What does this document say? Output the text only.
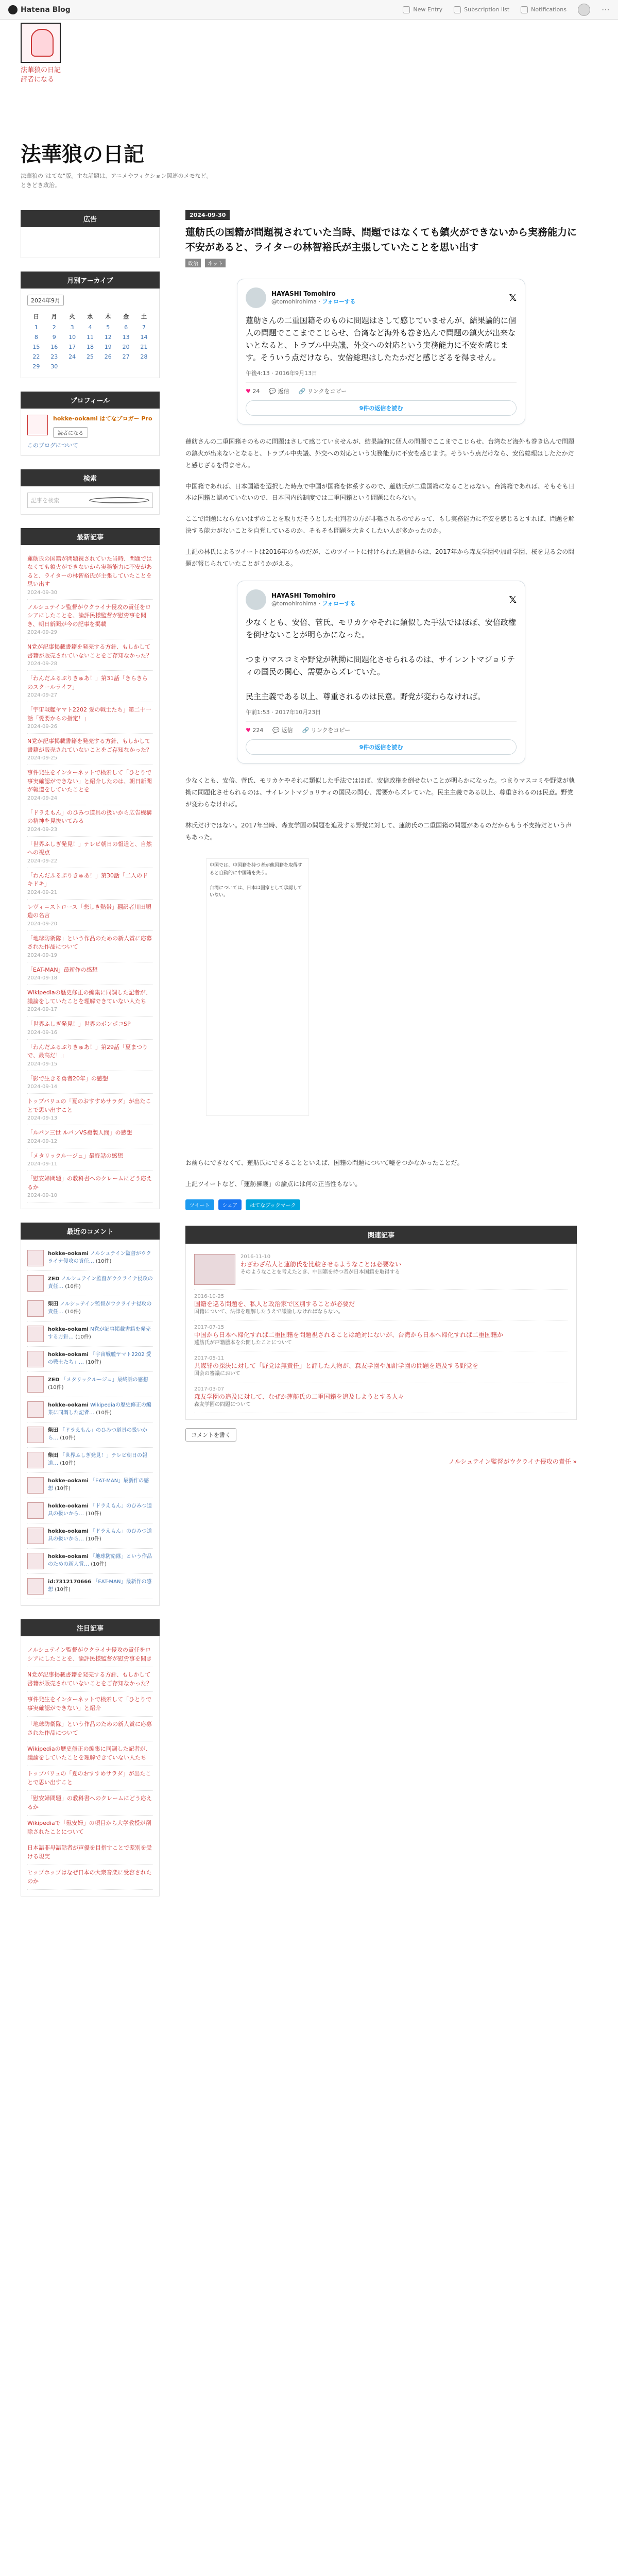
Hatena Blog	New Entry	Subscription list	Notifications	⋯
法華狼の日記
評者になる
法華狼の日記
法華狼の"はてな"版。主な話題は、アニメやフィクション関連のメモなど。ときどき政治。
広告
月別アーカイブ
2024年9月
日	月	火	水	木	金	土
1	2	3	4	5	6	7
8	9	10	11	12	13	14
15	16	17	18	19	20	21
22	23	24	25	26	27	28
29	30					
プロフィール
hokke-ookami はてなブロガー Pro
読者になる
このブログについて
検索
記事を検索
最新記事
蓮舫氏の国籍が問題視されていた当時、問題ではなくても鎮火ができないから実務能力に不安があると、ライターの林智裕氏が主張していたことを思い出す
2024-09-30
ノルシュテイン監督がウクライナ侵攻の責任をロシアにしたことを、論評民様監督が慰労事を聞き、朝日新聞が今の記事を掲載
2024-09-29
N党が記事掲載書籍を発売する方針、もしかして書籍が販売されていないことをご存知なかった？
2024-09-28
「わんだふるぷりきゅあ！」第31話「きらきらのスクールライフ」
2024-09-27
「宇宙戦艦ヤマト2202 愛の戦士たち」第二十一話「愛要からの指定！」
2024-09-26
N党が記事掲載書籍を発売する方針、もしかして書籍が販売されていないことをご存知なかった？
2024-09-25
事件発生をインターネットで検索して「ひとりで事実確認ができない」と紹介したのは、朝日新聞が報道をしていたことを
2024-09-24
「ドラえもん」のひみつ道具の扱いから広告機構の精神を見抜いてみる
2024-09-23
「世界ふしぎ発見！」テレビ朝日の報道と、自然への視点
2024-09-22
「わんだふるぷりきゅあ！」第30話「二人のドキドキ」
2024-09-21
レヴィ＝ストロース「悲しき熱帯」翻訳者川田順造の名言
2024-09-20
「地球防衛隊」という作品のための新人賞に応募された作品について
2024-09-19
「EAT-MAN」最新作の感想
2024-09-18
Wikipediaの歴史修正の編集に同調した記者が、議論をしていたことを理解できていない人たち
2024-09-17
「世界ふしぎ発見！」世界のポンポコSP
2024-09-16
「わんだふるぷりきゅあ！」第29話「夏まつりで、最高だ！」
2024-09-15
「影で生きる勇者20年」の感想
2024-09-14
トップバリュの「夏のおすすめサラダ」が出たことで思い出すこと
2024-09-13
「ルパン三世 ルパンVS複製人間」の感想
2024-09-12
「メタリックルージュ」最終話の感想
2024-09-11
「慰安婦問題」の教科書へのクレームにどう応えるか
2024-09-10
最近のコメント
hokke-ookami ノルシュテイン監督がウクライナ侵攻の責任… (10件)
ZED ノルシュテイン監督がウクライナ侵攻の責任… (10件)
柴田 ノルシュテイン監督がウクライナ侵攻の責任… (10件)
hokke-ookami N党が記事掲載書籍を発売する方針… (10件)
hokke-ookami 「宇宙戦艦ヤマト2202 愛の戦士たち」… (10件)
ZED 「メタリックルージュ」最終話の感想 (10件)
hokke-ookami Wikipediaの歴史修正の編集に同調した記者… (10件)
柴田 「ドラえもん」のひみつ道具の扱いから… (10件)
柴田 「世界ふしぎ発見！」テレビ朝日の報道… (10件)
hokke-ookami 「EAT-MAN」最新作の感想 (10件)
hokke-ookami 「ドラえもん」のひみつ道具の扱いから… (10件)
hokke-ookami 「ドラえもん」のひみつ道具の扱いから… (10件)
hokke-ookami 「地球防衛隊」という作品のための新人賞… (10件)
id:7312170666 「EAT-MAN」最新作の感想 (10件)
注目記事
ノルシュテイン監督がウクライナ侵攻の責任をロシアにしたことを、論評民様監督が慰労事を聞き
N党が記事掲載書籍を発売する方針、もしかして書籍が販売されていないことをご存知なかった？
事件発生をインターネットで検索して「ひとりで事実確認ができない」と紹介
「地球防衛隊」という作品のための新人賞に応募された作品について
Wikipediaの歴史修正の編集に同調した記者が、議論をしていたことを理解できていない人たち
トップバリュの「夏のおすすめサラダ」が出たことで思い出すこと
「慰安婦問題」の教科書へのクレームにどう応えるか
Wikipediaで「慰安婦」の項目から大学教授が削除されたことについて
日本語非母語話者が声優を目指すことで差別を受ける現実
ヒップホップはなぜ日本の大衆音楽に受容されたのか
2024-09-30
蓮舫氏の国籍が問題視されていた当時、問題ではなくても鎮火ができないから実務能力に不安があると、ライターの林智裕氏が主張していたことを思い出す
政治 ネット
HAYASHI Tomohiro
@tomohirohima · フォローする	𝕏
蓮舫さんの二重国籍そのものに問題はさして感じていませんが、結果論的に個人の問題でここまでこじらせ、台湾など海外も巻き込んで問題の鎮火が出来ないとなると、トラブル中央議、外交への対応という実務能力に不安を感じます。そういう点だけなら、安倍総理はしたたかだと感じざるを得ません。
午後4:13 · 2016年9月13日
♥ 24 💬 返信 🔗 リンクをコピー
9件の返信を読む

蓮舫さんの二重国籍そのものに問題はさして感じていませんが、結果論的に個人の問題でここまでこじらせ、台湾など海外も巻き込んで問題の鎮火が出来ないとなると、トラブル中央議、外交への対応という実務能力に不安を感じます。そういう点だけなら、安倍総理はしたたかだと感じざるを得ません。

中国籍であれば、日本国籍を選択した時点で中国が国籍を体系するので、蓮舫氏が二重国籍になることはない。台湾籍であれば、そもそも日本は国籍と認めていないので、日本国内的制度では二重国籍という問題にならない。

ここで問題にならないはずのことを取りだそうとした批判者の方が非難されるのであって、もし実務能力に不安を感じるとすれば、問題を解決する能力がないことを自覚しているのか、そもそも問題を大きくしたい人が多かったのか。

上記の林氏によるツイートは2016年のものだが、このツイートに付けられた返信からは、2017年から森友学園や加計学園、桜を見る会の問題が報じられていたことがうかがえる。

HAYASHI Tomohiro
@tomohirohima · フォローする	𝕏
少なくとも、安倍、菅氏、モリカケやそれに類似した手法ではほぼ、安倍政権を倒せないことが明らかになった。

つまりマスコミや野党が執拗に問題化させられるのは、サイレントマジョリティの国民の関心、需要からズレていた。

民主主義である以上、尊重されるのは民意。野党が変わらなければ。
午前1:53 · 2017年10月23日
♥ 224 💬 返信 🔗 リンクをコピー
9件の返信を読む

少なくとも、安倍、菅氏、モリカケやそれに類似した手法ではほぼ、安倍政権を倒せないことが明らかになった。つまりマスコミや野党が執拗に問題化させられるのは、サイレントマジョリティの国民の関心、需要からズレていた。民主主義である以上、尊重されるのは民意。野党が変わらなければ。

林氏だけではない。2017年当時、森友学園の問題を追及する野党に対して、蓮舫氏の二重国籍の問題があるのだからもう不支持だという声もあった。

中国では、中国籍を持つ者が他国籍を取得すると自動的に中国籍を失う。

台湾については、日本は国家として承認していない。

お前らにできなくて、蓮舫氏にできることといえば、国籍の問題について嘘をつかなかったことだ。

上記ツイートなど、「蓮舫擁護」の論点には何の正当性もない。

ツイート	シェア	はてなブックマーク
関連記事
2016-11-10
わざわざ私人と蓮舫氏を比較させるようなことは必要ない
そのようなことを考えたとき、中国籍を持つ者が日本国籍を取得する
2016-10-25
国籍を巡る問題を、私人と政治家で区別することが必要だ
国籍について、法律を理解したうえで議論しなければならない。
2017-07-15
中国から日本へ帰化すれば二重国籍を問題視されることは絶対にないが、台湾から日本へ帰化すれば二重国籍か
蓮舫氏が戸籍謄本を公開したことについて
2017-05-11
共謀罪の採決に対して「野党は無責任」と評した人物が、森友学園や加計学園の問題を追及する野党を
国会の審議において
2017-03-07
森友学園の追及に対して、なぜか蓮舫氏の二重国籍を追及しようとする人々
森友学園の問題について
コメントを書く
ノルシュテイン監督がウクライナ侵攻の責任 »
